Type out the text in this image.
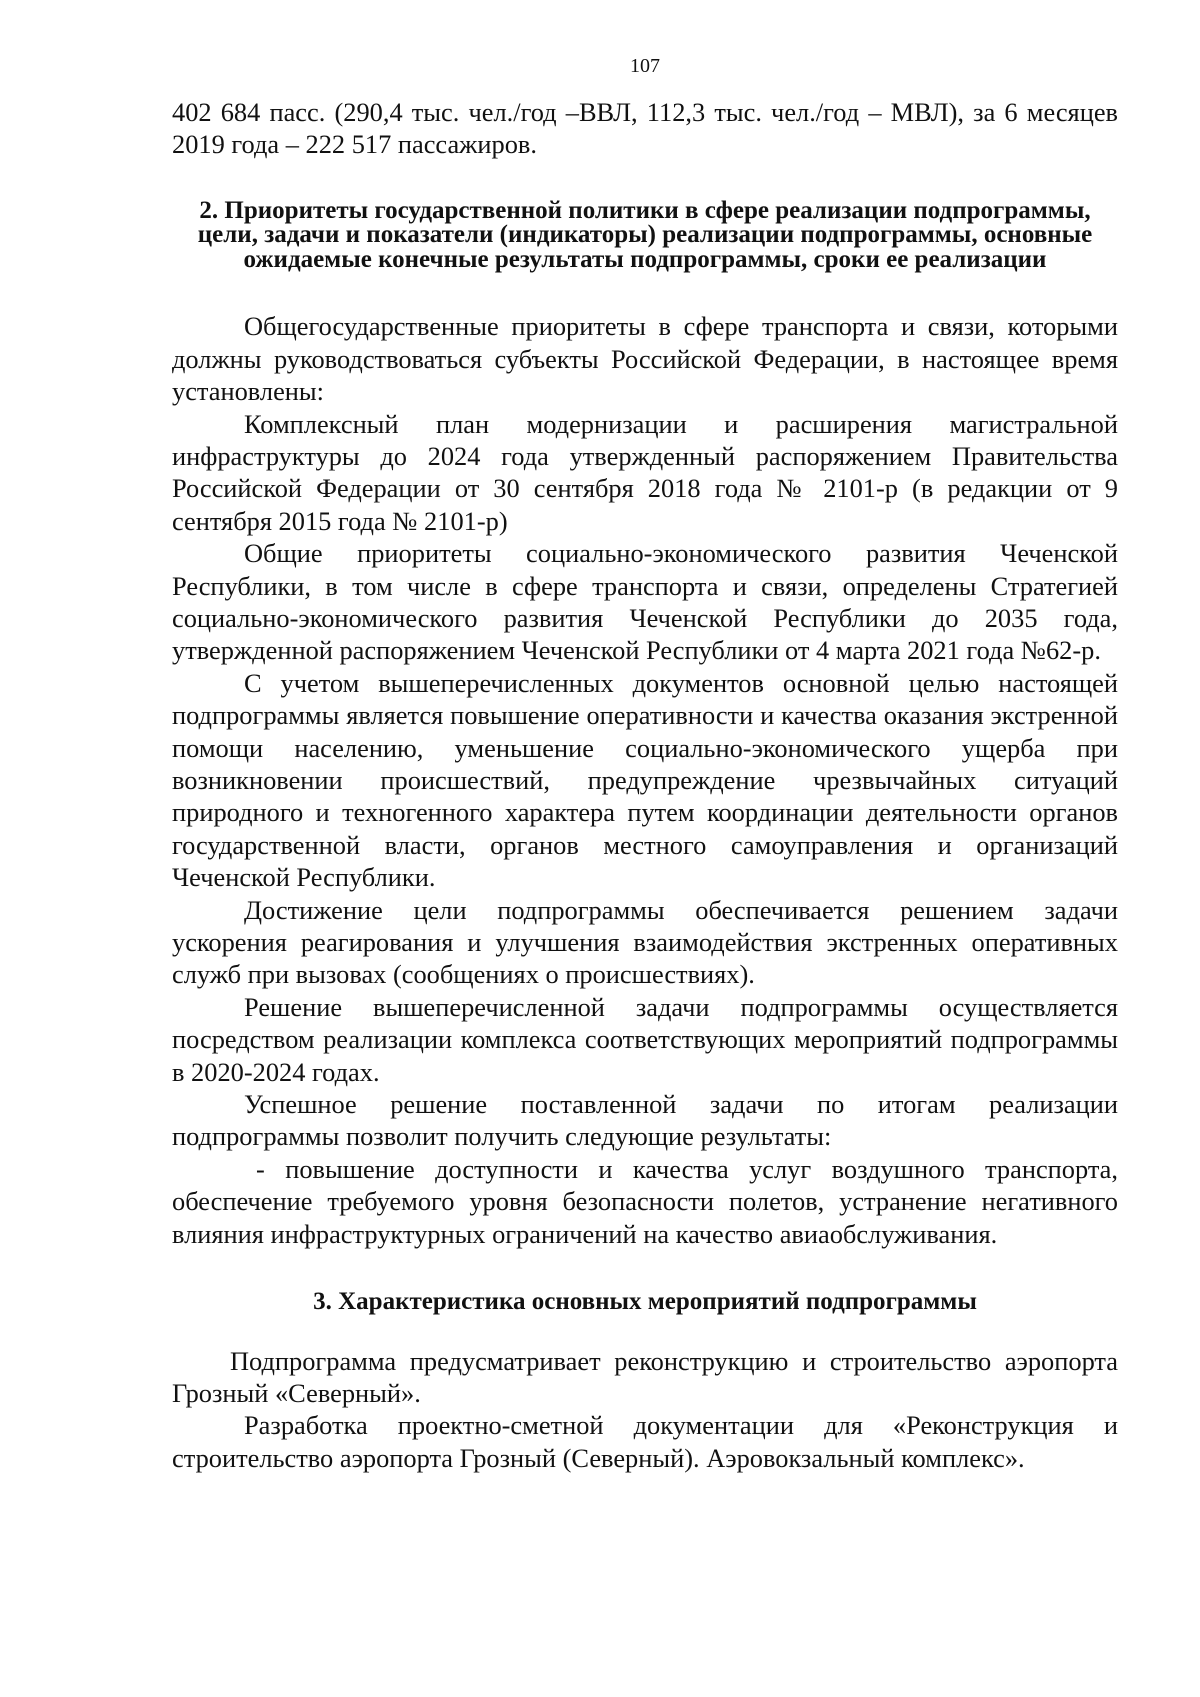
107

402 684 пасс. (290,4 тыс. чел./год –ВВЛ, 112,3 тыс. чел./год – МВЛ), за 6 месяцев 2019 года – 222 517 пассажиров.

2. Приоритеты государственной политики в сфере реализации подпрограммы, цели, задачи и показатели (индикаторы) реализации подпрограммы, основные ожидаемые конечные результаты подпрограммы, сроки ее реализации

Общегосударственные приоритеты в сфере транспорта и связи, которыми должны руководствоваться субъекты Российской Федерации, в настоящее время установлены:

Комплексный план модернизации и расширения магистральной инфраструктуры до 2024 года утвержденный распоряжением Правительства Российской Федерации от 30 сентября 2018 года № 2101-р (в редакции от 9 сентября 2015 года № 2101-р)

Общие приоритеты социально-экономического развития Чеченской Республики, в том числе в сфере транспорта и связи, определены Стратегией социально-экономического развития Чеченской Республики до 2035 года, утвержденной распоряжением Чеченской Республики от 4 марта 2021 года №62-р.

С учетом вышеперечисленных документов основной целью настоящей подпрограммы является повышение оперативности и качества оказания экстренной помощи населению, уменьшение социально-экономического ущерба при возникновении происшествий, предупреждение чрезвычайных ситуаций природного и техногенного характера путем координации деятельности органов государственной власти, органов местного самоуправления и организаций Чеченской Республики.

Достижение цели подпрограммы обеспечивается решением задачи ускорения реагирования и улучшения взаимодействия экстренных оперативных служб при вызовах (сообщениях о происшествиях).

Решение вышеперечисленной задачи подпрограммы осуществляется посредством реализации комплекса соответствующих мероприятий подпрограммы в 2020-2024 годах.

Успешное решение поставленной задачи по итогам реализации подпрограммы позволит получить следующие результаты:

- повышение доступности и качества услуг воздушного транспорта, обеспечение требуемого уровня безопасности полетов, устранение негативного влияния инфраструктурных ограничений на качество авиаобслуживания.

3. Характеристика основных мероприятий подпрограммы

Подпрограмма предусматривает реконструкцию и строительство аэропорта Грозный «Северный».

Разработка проектно-сметной документации для «Реконструкция и строительство аэропорта Грозный (Северный). Аэровокзальный комплекс».
